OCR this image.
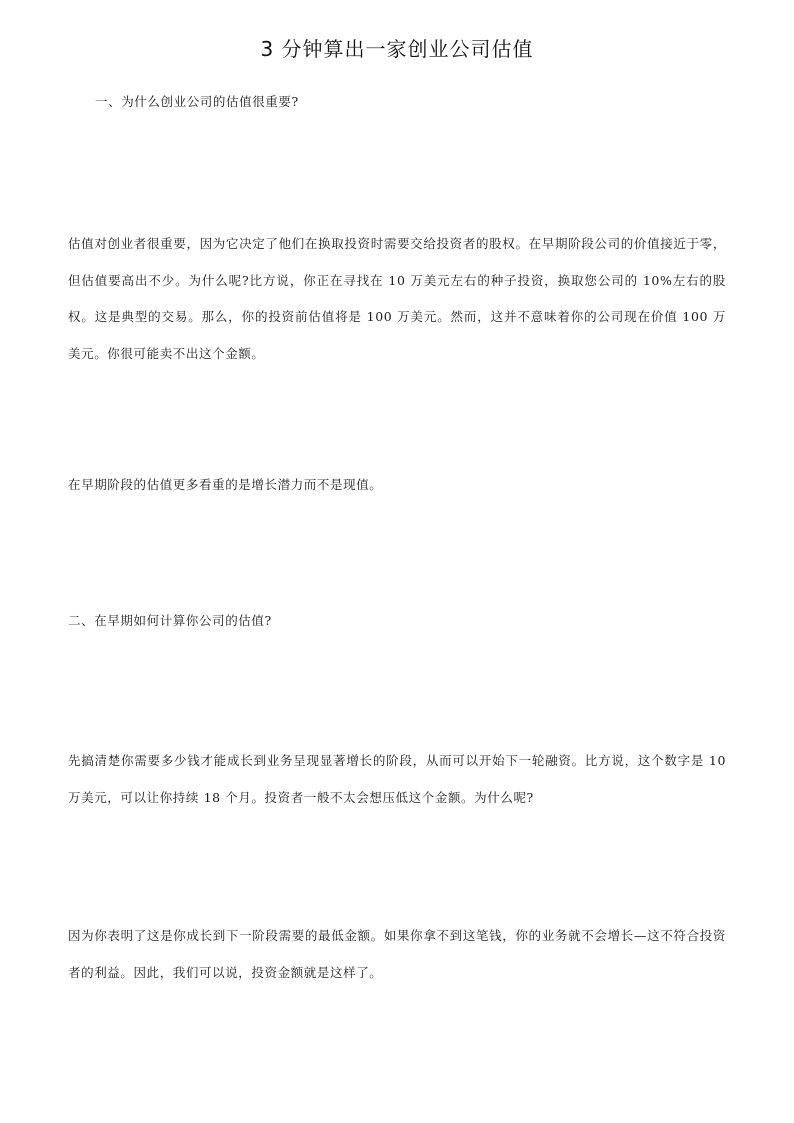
3 分钟算出一家创业公司估值

一、为什么创业公司的估值很重要?

估值对创业者很重要，因为它决定了他们在换取投资时需要交给投资者的股权。在早期阶段公司的价值接近于零，但估值要高出不少。为什么呢?比方说，你正在寻找在 10 万美元左右的种子投资，换取您公司的 10%左右的股权。这是典型的交易。那么，你的投资前估值将是 100 万美元。然而，这并不意味着你的公司现在价值 100 万美元。你很可能卖不出这个金额。

在早期阶段的估值更多看重的是增长潜力而不是现值。

二、在早期如何计算你公司的估值?

先搞清楚你需要多少钱才能成长到业务呈现显著增长的阶段，从而可以开始下一轮融资。比方说，这个数字是 10 万美元，可以让你持续 18 个月。投资者一般不太会想压低这个金额。为什么呢?

因为你表明了这是你成长到下一阶段需要的最低金额。如果你拿不到这笔钱，你的业务就不会增长—这不符合投资者的利益。因此，我们可以说，投资金额就是这样了。
